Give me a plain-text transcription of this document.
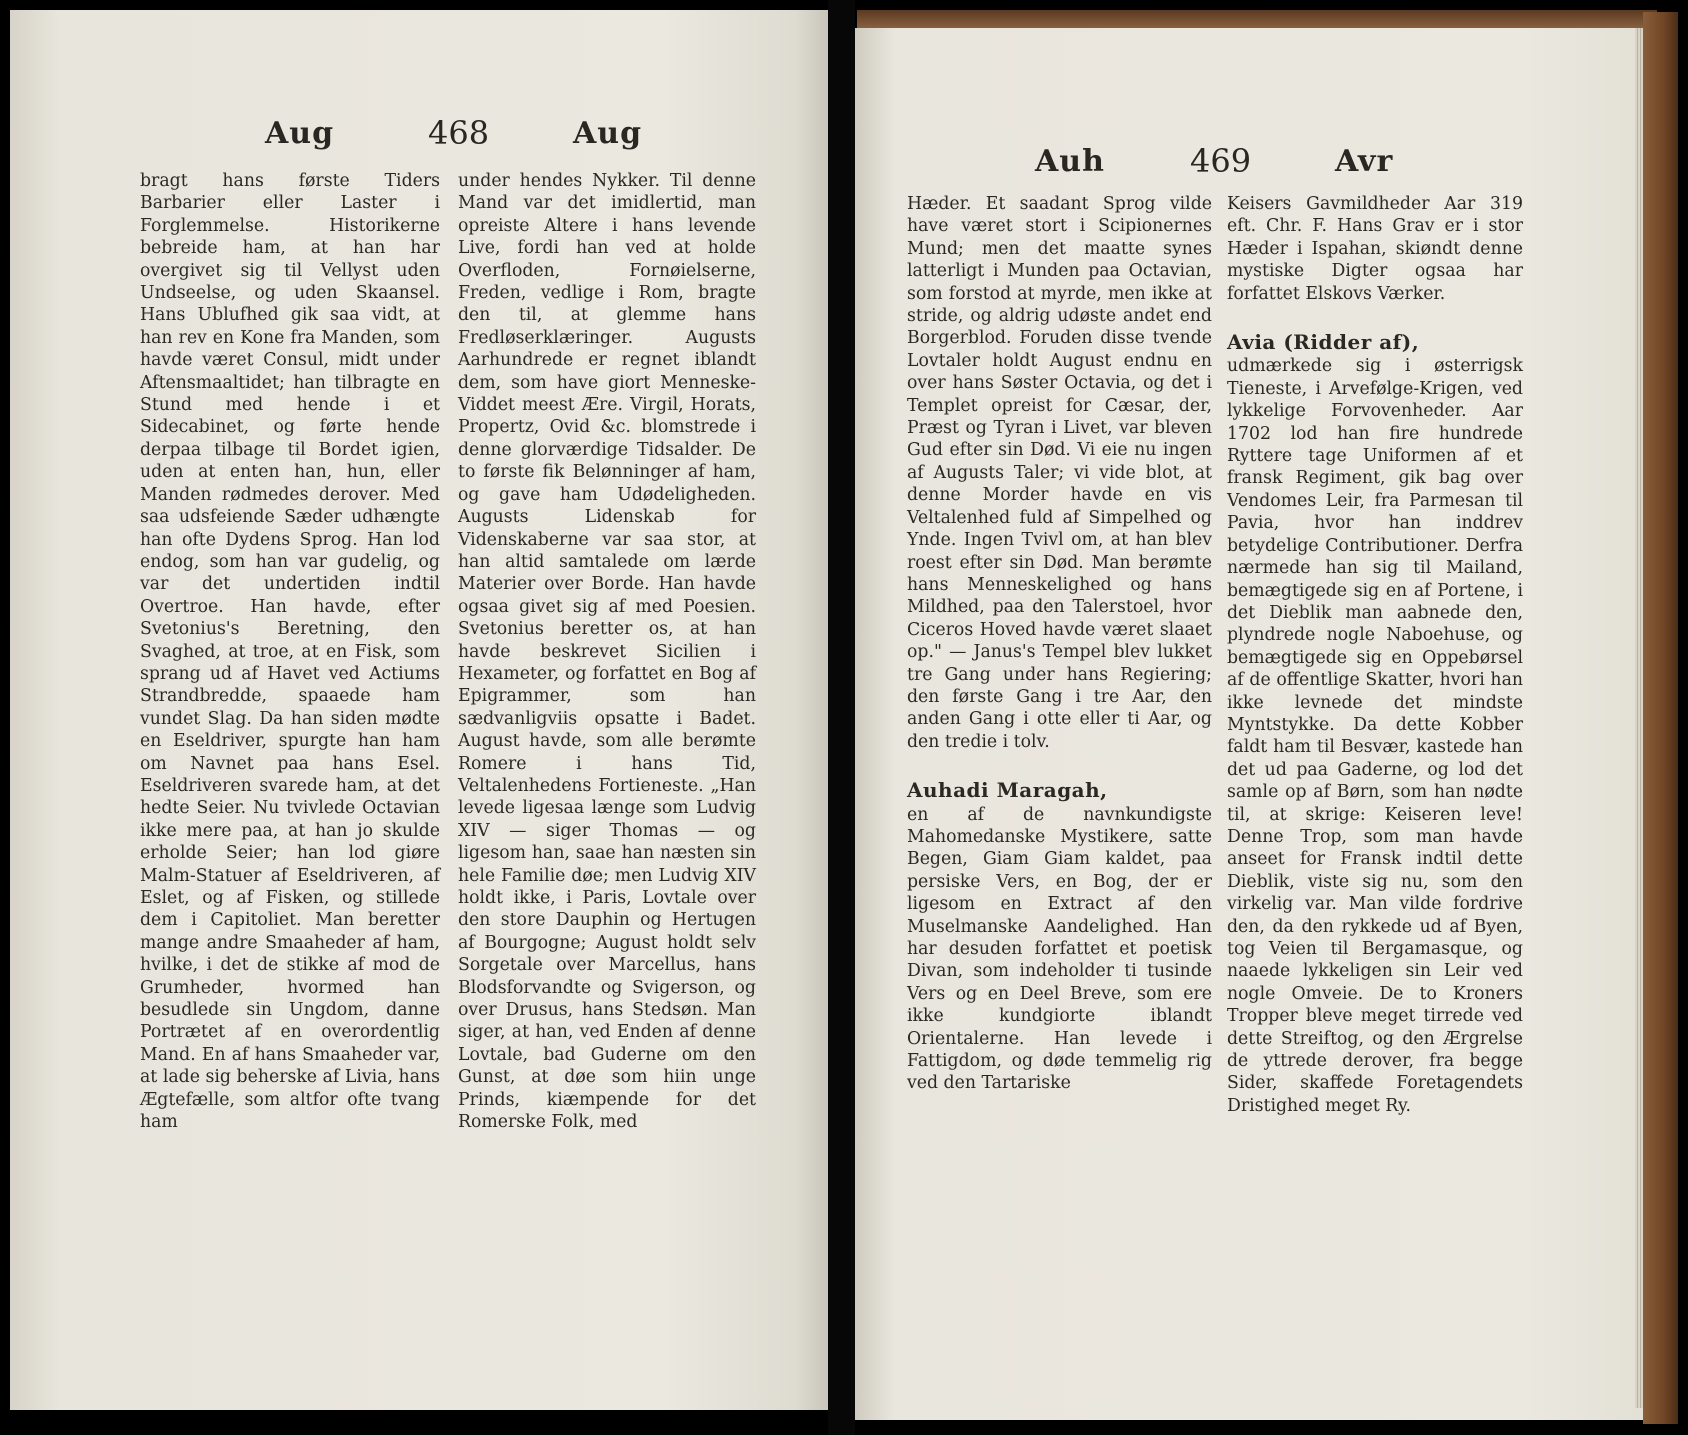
Aug	468	Aug

bragt hans første Tiders Barbarier eller Laster i Forglemmelse. Historikerne bebreide ham, at han har overgivet sig til Vellyst uden Undseelse, og uden Skaansel. Hans Ublufhed gik saa vidt, at han rev en Kone fra Manden, som havde været Consul, midt under Aftensmaaltidet; han tilbragte en Stund med hende i et Sidecabinet, og førte hende derpaa tilbage til Bordet igien, uden at enten han, hun, eller Manden rødmedes derover. Med saa udsfeiende Sæder udhængte han ofte Dydens Sprog. Han lod endog, som han var gudelig, og var det undertiden indtil Overtroe. Han havde, efter Svetonius's Beretning, den Svaghed, at troe, at en Fisk, som sprang ud af Havet ved Actiums Strandbredde, spaaede ham vundet Slag. Da han siden mødte en Eseldriver, spurgte han ham om Navnet paa hans Esel. Eseldriveren svarede ham, at det hedte Seier. Nu tvivlede Octavian ikke mere paa, at han jo skulde erholde Seier; han lod giøre Malm-Statuer af Eseldriveren, af Eslet, og af Fisken, og stillede dem i Capitoliet. Man beretter mange andre Smaaheder af ham, hvilke, i det de stikke af mod de Grumheder, hvormed han besudlede sin Ungdom, danne Portrætet af en overordentlig Mand. En af hans Smaaheder var, at lade sig beherske af Livia, hans Ægtefælle, som altfor ofte tvang ham

under hendes Nykker. Til denne Mand var det imidlertid, man opreiste Altere i hans levende Live, fordi han ved at holde Overfloden, Fornøielserne, Freden, vedlige i Rom, bragte den til, at glemme hans Fredløserklæringer. Augusts Aarhundrede er regnet iblandt dem, som have giort Menneske-Viddet meest Ære. Virgil, Horats, Propertz, Ovid &c. blomstrede i denne glorværdige Tidsalder. De to første fik Belønninger af ham, og gave ham Udødeligheden. Augusts Lidenskab for Videnskaberne var saa stor, at han altid samtalede om lærde Materier over Borde. Han havde ogsaa givet sig af med Poesien. Svetonius beretter os, at han havde beskrevet Sicilien i Hexameter, og forfattet en Bog af Epigrammer, som han sædvanligviis opsatte i Badet. August havde, som alle berømte Romere i hans Tid, Veltalenhedens Fortieneste. „Han levede ligesaa længe som Ludvig XIV — siger Thomas — og ligesom han, saae han næsten sin hele Familie døe; men Ludvig XIV holdt ikke, i Paris, Lovtale over den store Dauphin og Hertugen af Bourgogne; August holdt selv Sorgetale over Marcellus, hans Blodsforvandte og Svigerson, og over Drusus, hans Stedsøn. Man siger, at han, ved Enden af denne Lovtale, bad Guderne om den Gunst, at døe som hiin unge Prinds, kiæmpende for det Romerske Folk, med

Auh	469	Avr

Hæder. Et saadant Sprog vilde have været stort i Scipionernes Mund; men det maatte synes latterligt i Munden paa Octavian, som forstod at myrde, men ikke at stride, og aldrig udøste andet end Borgerblod. Foruden disse tvende Lovtaler holdt August endnu en over hans Søster Octavia, og det i Templet opreist for Cæsar, der, Præst og Tyran i Livet, var bleven Gud efter sin Død. Vi eie nu ingen af Augusts Taler; vi vide blot, at denne Morder havde en vis Veltalenhed fuld af Simpelhed og Ynde. Ingen Tvivl om, at han blev roest efter sin Død. Man berømte hans Menneskelighed og hans Mildhed, paa den Talerstoel, hvor Ciceros Hoved havde været slaaet op." — Janus's Tempel blev lukket tre Gang under hans Regiering; den første Gang i tre Aar, den anden Gang i otte eller ti Aar, og den tredie i tolv.

Auhadi Maragah,

en af de navnkundigste Mahomedanske Mystikere, satte Begen, Giam Giam kaldet, paa persiske Vers, en Bog, der er ligesom en Extract af den Muselmanske Aandelighed. Han har desuden forfattet et poetisk Divan, som indeholder ti tusinde Vers og en Deel Breve, som ere ikke kundgiorte iblandt Orientalerne. Han levede i Fattigdom, og døde temmelig rig ved den Tartariske

Keisers Gavmildheder Aar 319 eft. Chr. F. Hans Grav er i stor Hæder i Ispahan, skiøndt denne mystiske Digter ogsaa har forfattet Elskovs Værker.

Avia (Ridder af),

udmærkede sig i østerrigsk Tieneste, i Arvefølge-Krigen, ved lykkelige Forvovenheder. Aar 1702 lod han fire hundrede Ryttere tage Uniformen af et fransk Regiment, gik bag over Vendomes Leir, fra Parmesan til Pavia, hvor han inddrev betydelige Contributioner. Derfra nærmede han sig til Mailand, bemægtigede sig en af Portene, i det Dieblik man aabnede den, plyndrede nogle Naboehuse, og bemægtigede sig en Oppebørsel af de offentlige Skatter, hvori han ikke levnede det mindste Myntstykke. Da dette Kobber faldt ham til Besvær, kastede han det ud paa Gaderne, og lod det samle op af Børn, som han nødte til, at skrige: Keiseren leve! Denne Trop, som man havde anseet for Fransk indtil dette Dieblik, viste sig nu, som den virkelig var. Man vilde fordrive den, da den rykkede ud af Byen, tog Veien til Bergamasque, og naaede lykkeligen sin Leir ved nogle Omveie. De to Kroners Tropper bleve meget tirrede ved dette Streiftog, og den Ærgrelse de yttrede derover, fra begge Sider, skaffede Foretagendets Dristighed meget Ry.
